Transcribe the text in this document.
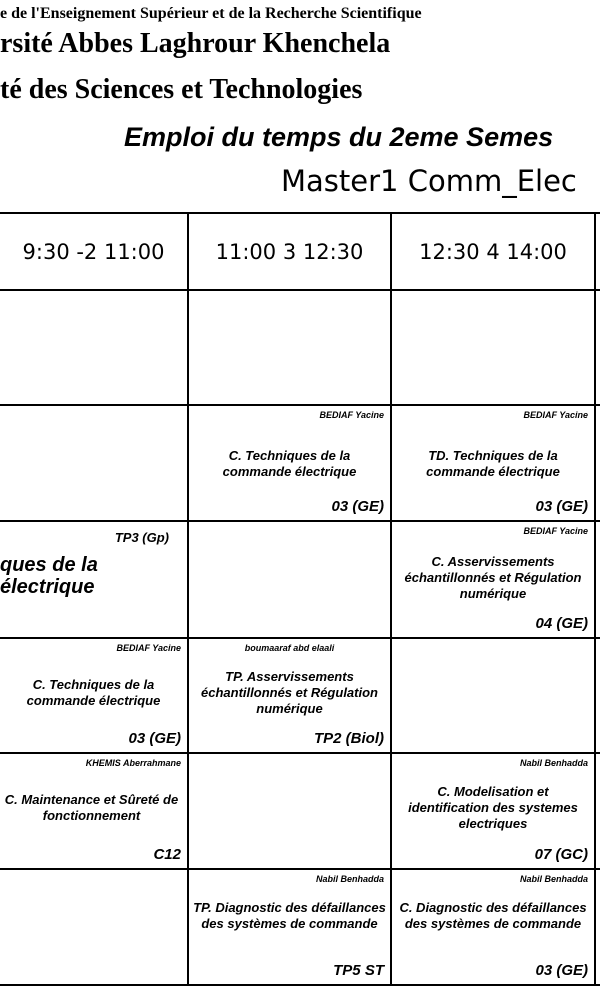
e de l'Enseignement Supérieur et de la Recherche Scientifique
rsité Abbes Laghrour Khenchela
té des Sciences et Technologies
Emploi du temps du 2eme Semes
Master1 Comm_Elec
9:30 -2 11:00	11:00 3 12:30	12:30 4 14:00
BEDIAF Yacine
C. Techniques de la commande électrique
03 (GE)
BEDIAF Yacine
TD. Techniques de la commande électrique
03 (GE)
TP3 (Gp)
ques de la
électrique
BEDIAF Yacine
C. Asservissements échantillonnés et Régulation numérique
04 (GE)
BEDIAF Yacine
C. Techniques de la commande électrique
03 (GE)
boumaaraf abd elaali
TP. Asservissements échantillonnés et Régulation numérique
TP2 (Biol)
KHEMIS Aberrahmane
C. Maintenance et Sûreté de fonctionnement
C12
Nabil Benhadda
C. Modelisation et identification des systemes electriques
07 (GC)
Nabil Benhadda
TP. Diagnostic des défaillances des systèmes de commande
TP5 ST
Nabil Benhadda
C. Diagnostic des défaillances des systèmes de commande
03 (GE)
